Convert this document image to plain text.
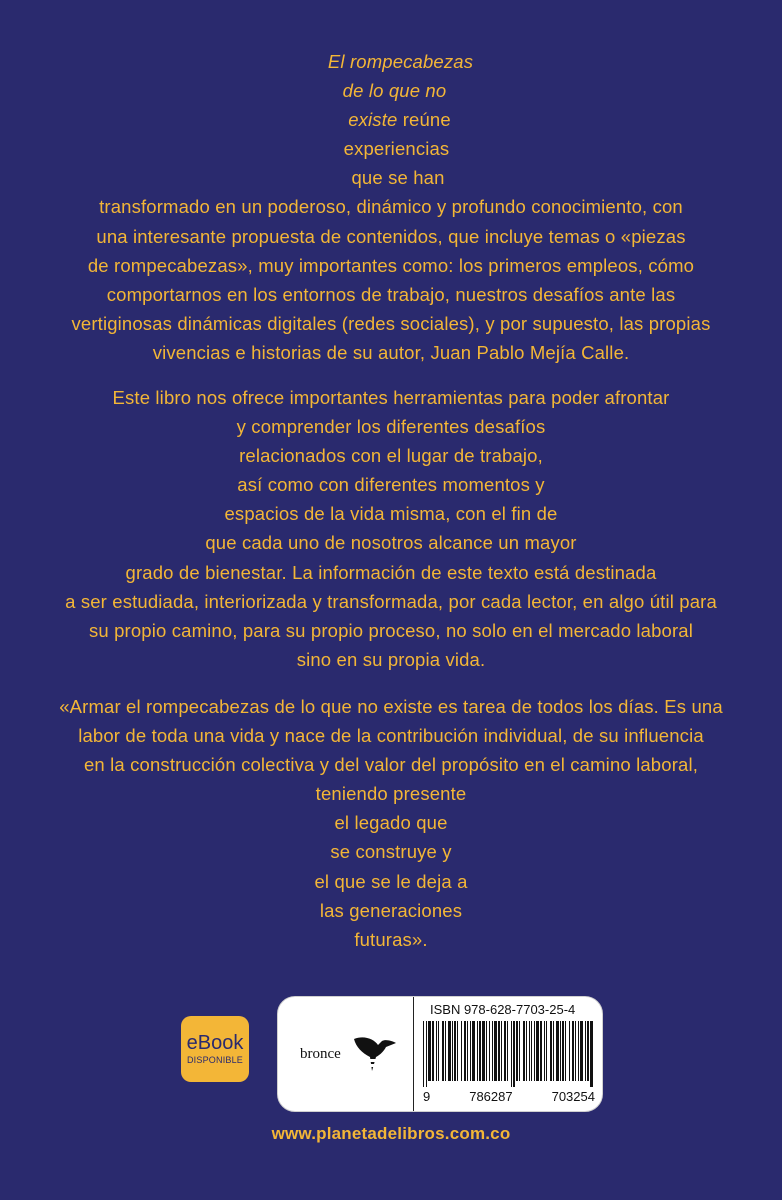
El rompecabezas
de lo que no
existe reúne
experiencias
que se han
transformado en un poderoso, dinámico y profundo conocimiento, con
una interesante propuesta de contenidos, que incluye temas o «piezas
de rompecabezas», muy importantes como: los primeros empleos, cómo
comportarnos en los entornos de trabajo, nuestros desafíos ante las
vertiginosas dinámicas digitales (redes sociales), y por supuesto, las propias
vivencias e historias de su autor, Juan Pablo Mejía Calle.
Este libro nos ofrece importantes herramientas para poder afrontar
y comprender los diferentes desafíos
relacionados con el lugar de trabajo,
así como con diferentes momentos y
espacios de la vida misma, con el fin de
que cada uno de nosotros alcance un mayor
grado de bienestar. La información de este texto está destinada
a ser estudiada, interiorizada y transformada, por cada lector, en algo útil para
su propio camino, para su propio proceso, no solo en el mercado laboral
sino en su propia vida.
«Armar el rompecabezas de lo que no existe es tarea de todos los días. Es una
labor de toda una vida y nace de la contribución individual, de su influencia
en la construcción colectiva y del valor del propósito en el camino laboral,
teniendo presente
el legado que
se construye y
el que se le deja a
las generaciones
futuras».
eBook
DISPONIBLE	bronce
ISBN 978-628-7703-25-4
9	786287	703254
www.planetadelibros.com.co
